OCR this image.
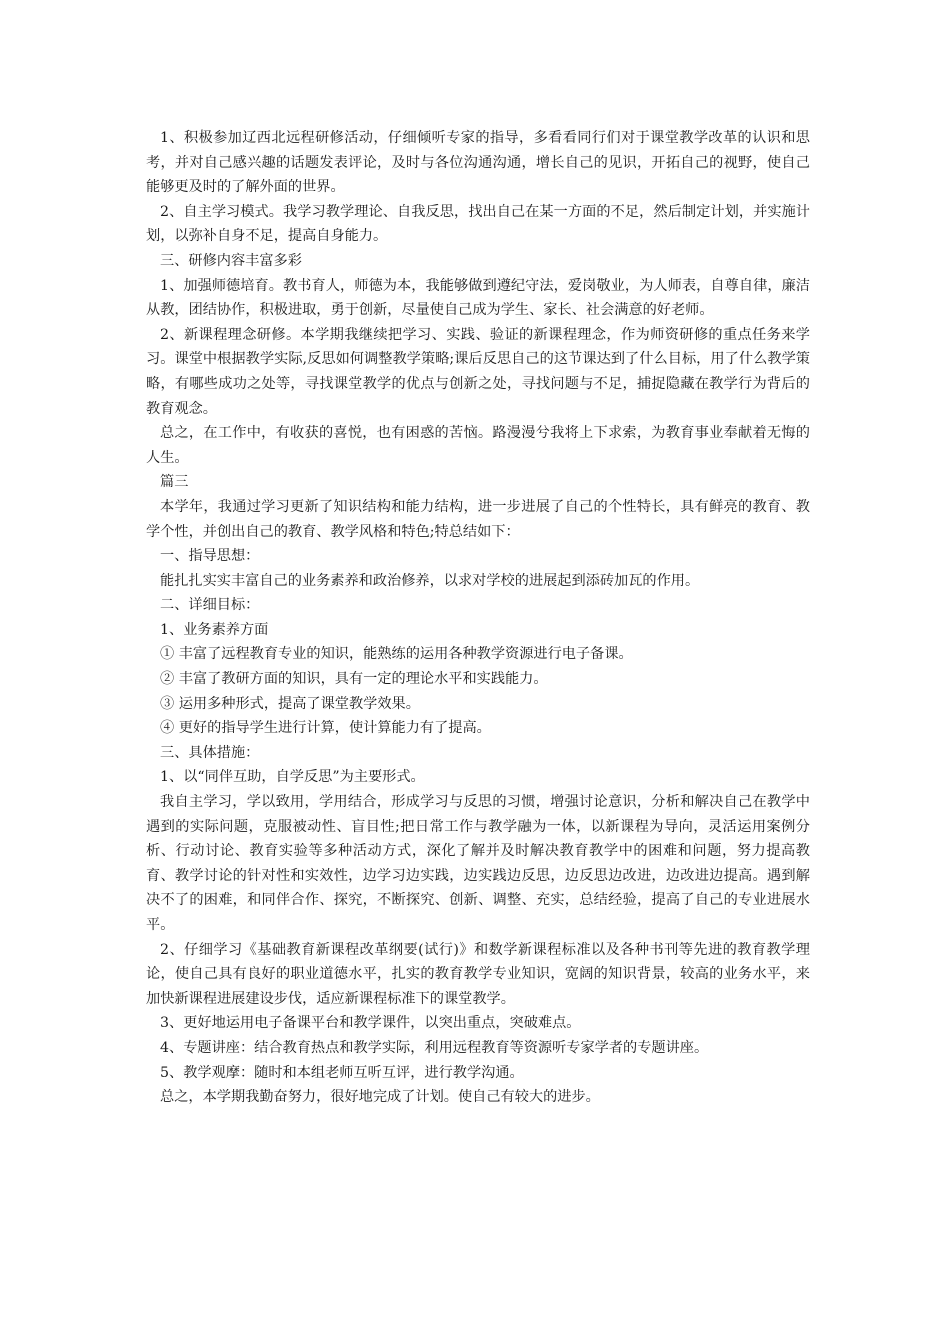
1、积极参加辽西北远程研修活动，仔细倾听专家的指导，多看看同行们对于课堂教学改革的认识和思考，并对自己感兴趣的话题发表评论，及时与各位沟通沟通，增长自己的见识，开拓自己的视野，使自己能够更及时的了解外面的世界。

2、自主学习模式。我学习教学理论、自我反思，找出自己在某一方面的不足，然后制定计划，并实施计划，以弥补自身不足，提高自身能力。

三、研修内容丰富多彩

1、加强师德培育。教书育人，师德为本，我能够做到遵纪守法，爱岗敬业，为人师表，自尊自律，廉洁从教，团结协作，积极进取，勇于创新，尽量使自己成为学生、家长、社会满意的好老师。

2、新课程理念研修。本学期我继续把学习、实践、验证的新课程理念，作为师资研修的重点任务来学习。课堂中根据教学实际,反思如何调整教学策略;课后反思自己的这节课达到了什么目标，用了什么教学策略，有哪些成功之处等，寻找课堂教学的优点与创新之处，寻找问题与不足，捕捉隐藏在教学行为背后的教育观念。

总之，在工作中，有收获的喜悦，也有困惑的苦恼。路漫漫兮我将上下求索，为教育事业奉献着无悔的人生。

篇三

本学年，我通过学习更新了知识结构和能力结构，进一步进展了自己的个性特长，具有鲜亮的教育、教学个性，并创出自己的教育、教学风格和特色;特总结如下：

一、指导思想：

能扎扎实实丰富自己的业务素养和政治修养，以求对学校的进展起到添砖加瓦的作用。

二、详细目标：

1、业务素养方面

① 丰富了远程教育专业的知识，能熟练的运用各种教学资源进行电子备课。

② 丰富了教研方面的知识，具有一定的理论水平和实践能力。

③ 运用多种形式，提高了课堂教学效果。

④ 更好的指导学生进行计算，使计算能力有了提高。

三、具体措施：

1、以“同伴互助，自学反思”为主要形式。

我自主学习，学以致用，学用结合，形成学习与反思的习惯，增强讨论意识，分析和解决自己在教学中遇到的实际问题，克服被动性、盲目性;把日常工作与教学融为一体，以新课程为导向，灵活运用案例分析、行动讨论、教育实验等多种活动方式，深化了解并及时解决教育教学中的困难和问题，努力提高教育、教学讨论的针对性和实效性，边学习边实践，边实践边反思，边反思边改进，边改进边提高。遇到解决不了的困难，和同伴合作、探究，不断探究、创新、调整、充实，总结经验，提高了自己的专业进展水平。

2、仔细学习《基础教育新课程改革纲要(试行)》和数学新课程标准以及各种书刊等先进的教育教学理论，使自己具有良好的职业道德水平，扎实的教育教学专业知识，宽阔的知识背景，较高的业务水平，来加快新课程进展建设步伐，适应新课程标准下的课堂教学。

3、更好地运用电子备课平台和教学课件，以突出重点，突破难点。

4、专题讲座：结合教育热点和教学实际，利用远程教育等资源听专家学者的专题讲座。

5、教学观摩：随时和本组老师互听互评，进行教学沟通。

总之，本学期我勤奋努力，很好地完成了计划。使自己有较大的进步。
